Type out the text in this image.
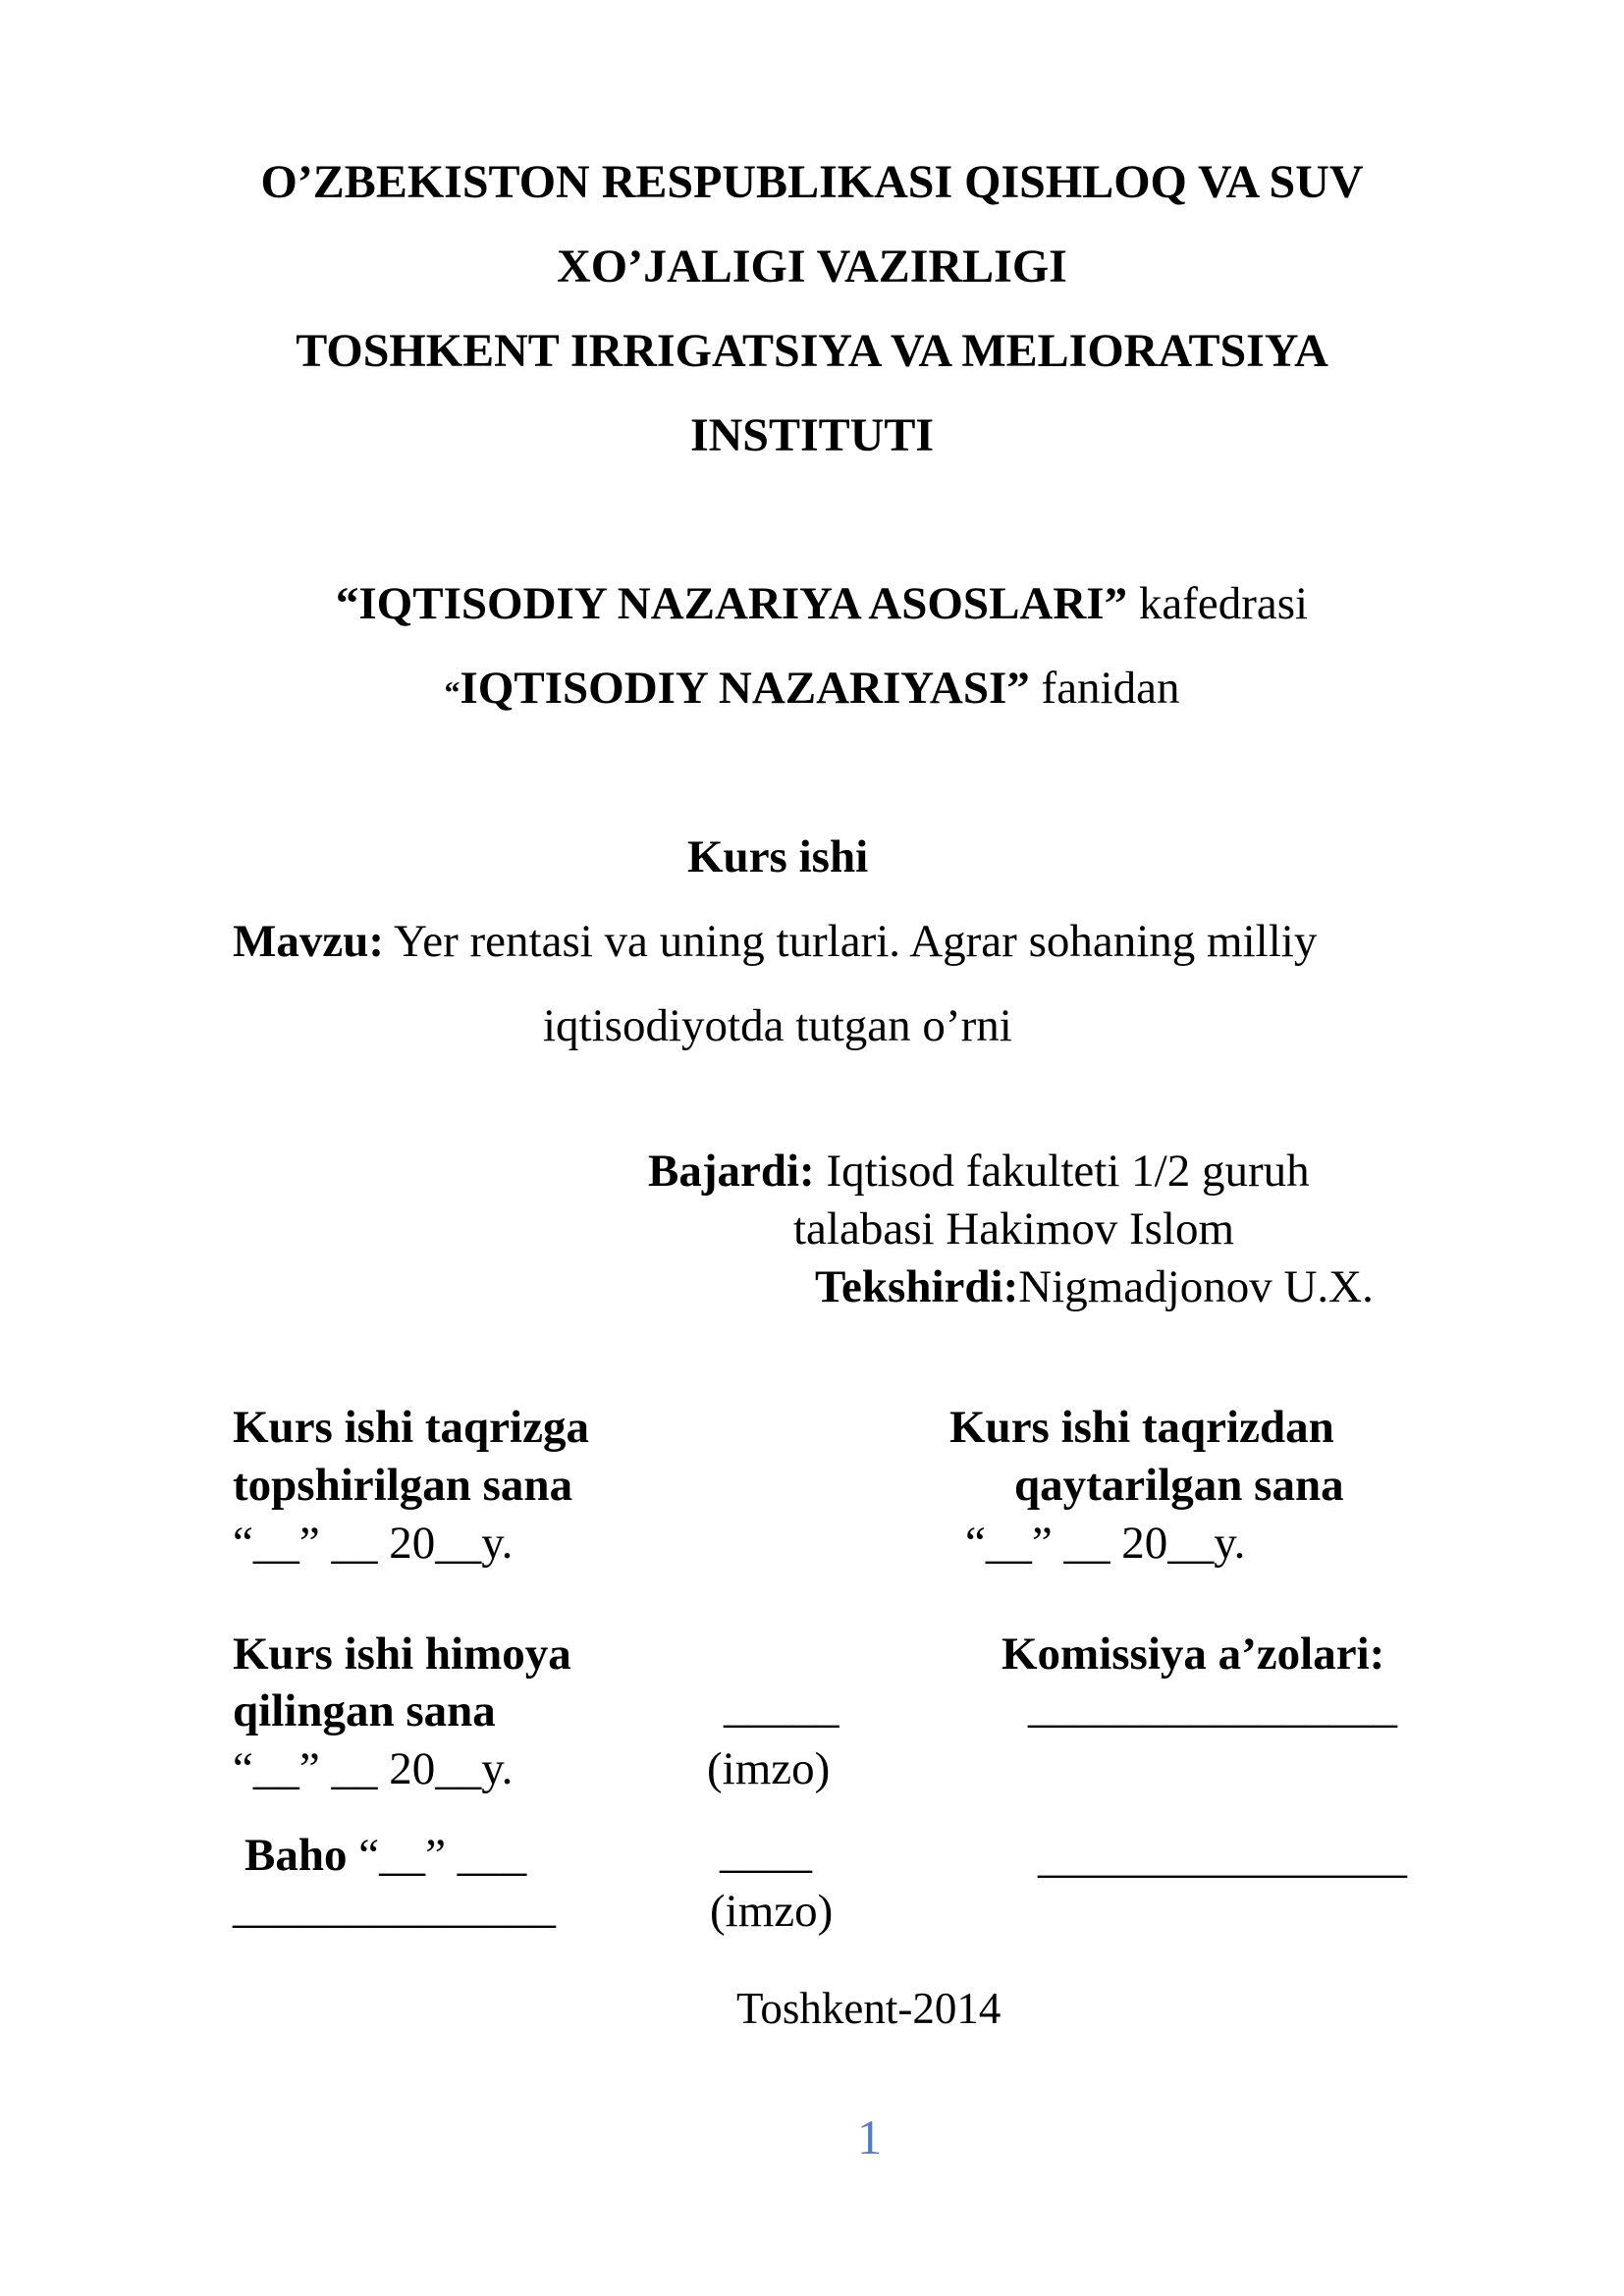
O’ZBEKISTON RESPUBLIKASI QISHLOQ VA SUV
XO’JALIGI VAZIRLIGI
TOSHKENT IRRIGATSIYA VA MELIORATSIYA
INSTITUTI
“IQTISODIY NAZARIYA ASOSLARI” kafedrasi
“IQTISODIY NAZARIYASI” fanidan
Kurs ishi
Mavzu: Yer rentasi va uning turlari. Agrar sohaning milliy
iqtisodiyotda tutgan o’rni
Bajardi: Iqtisod fakulteti 1/2 guruh
talabasi Hakimov Islom
Tekshirdi:Nigmadjonov U.X.
Kurs ishi taqrizga
topshirilgan sana
“__” __ 20__y.
Kurs ishi taqrizdan
qaytarilgan sana
“__” __ 20__y.
Kurs ishi himoya
qilingan sana
“__” __ 20__y.
_____
(imzo)
Komissiya a’zolari:
________________
Baho “__” ___
______________
____
(imzo)
________________
Toshkent-2014
1
